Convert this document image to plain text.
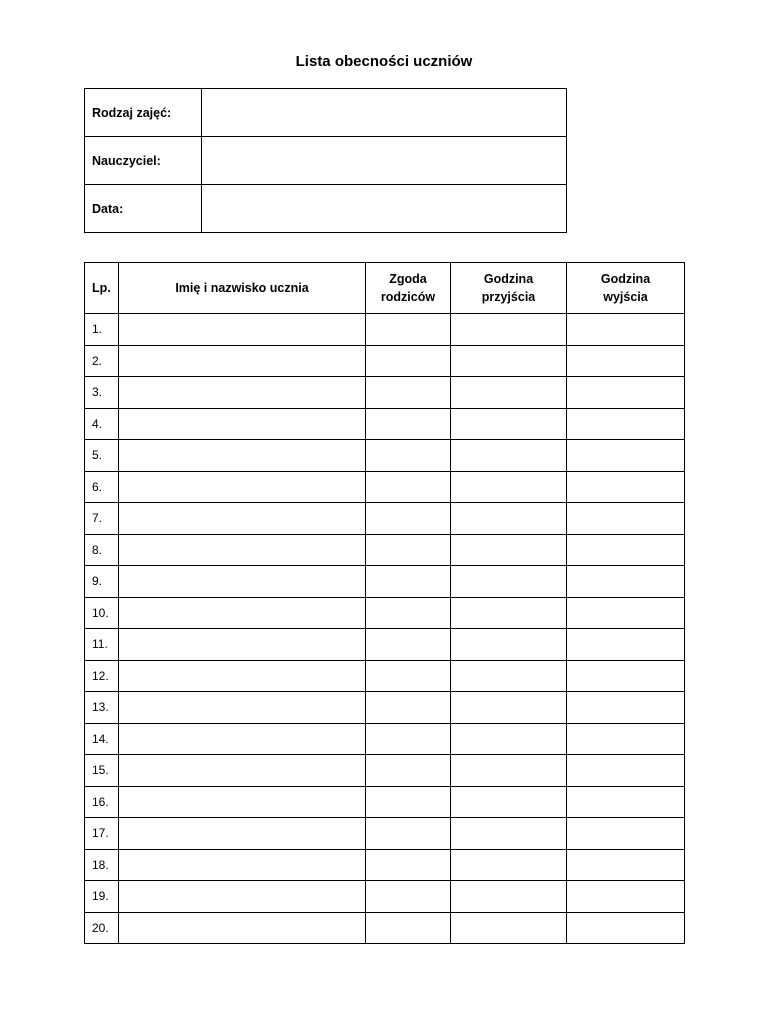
Lista obecności uczniów
Rodzaj zajęć:	
Nauczyciel:	
Data:	
Lp.	Imię i nazwisko ucznia	Zgoda rodziców	Godzina przyjścia	Godzina wyjścia
1.				
2.				
3.				
4.				
5.				
6.				
7.				
8.				
9.				
10.				
11.				
12.				
13.				
14.				
15.				
16.				
17.				
18.				
19.				
20.				
